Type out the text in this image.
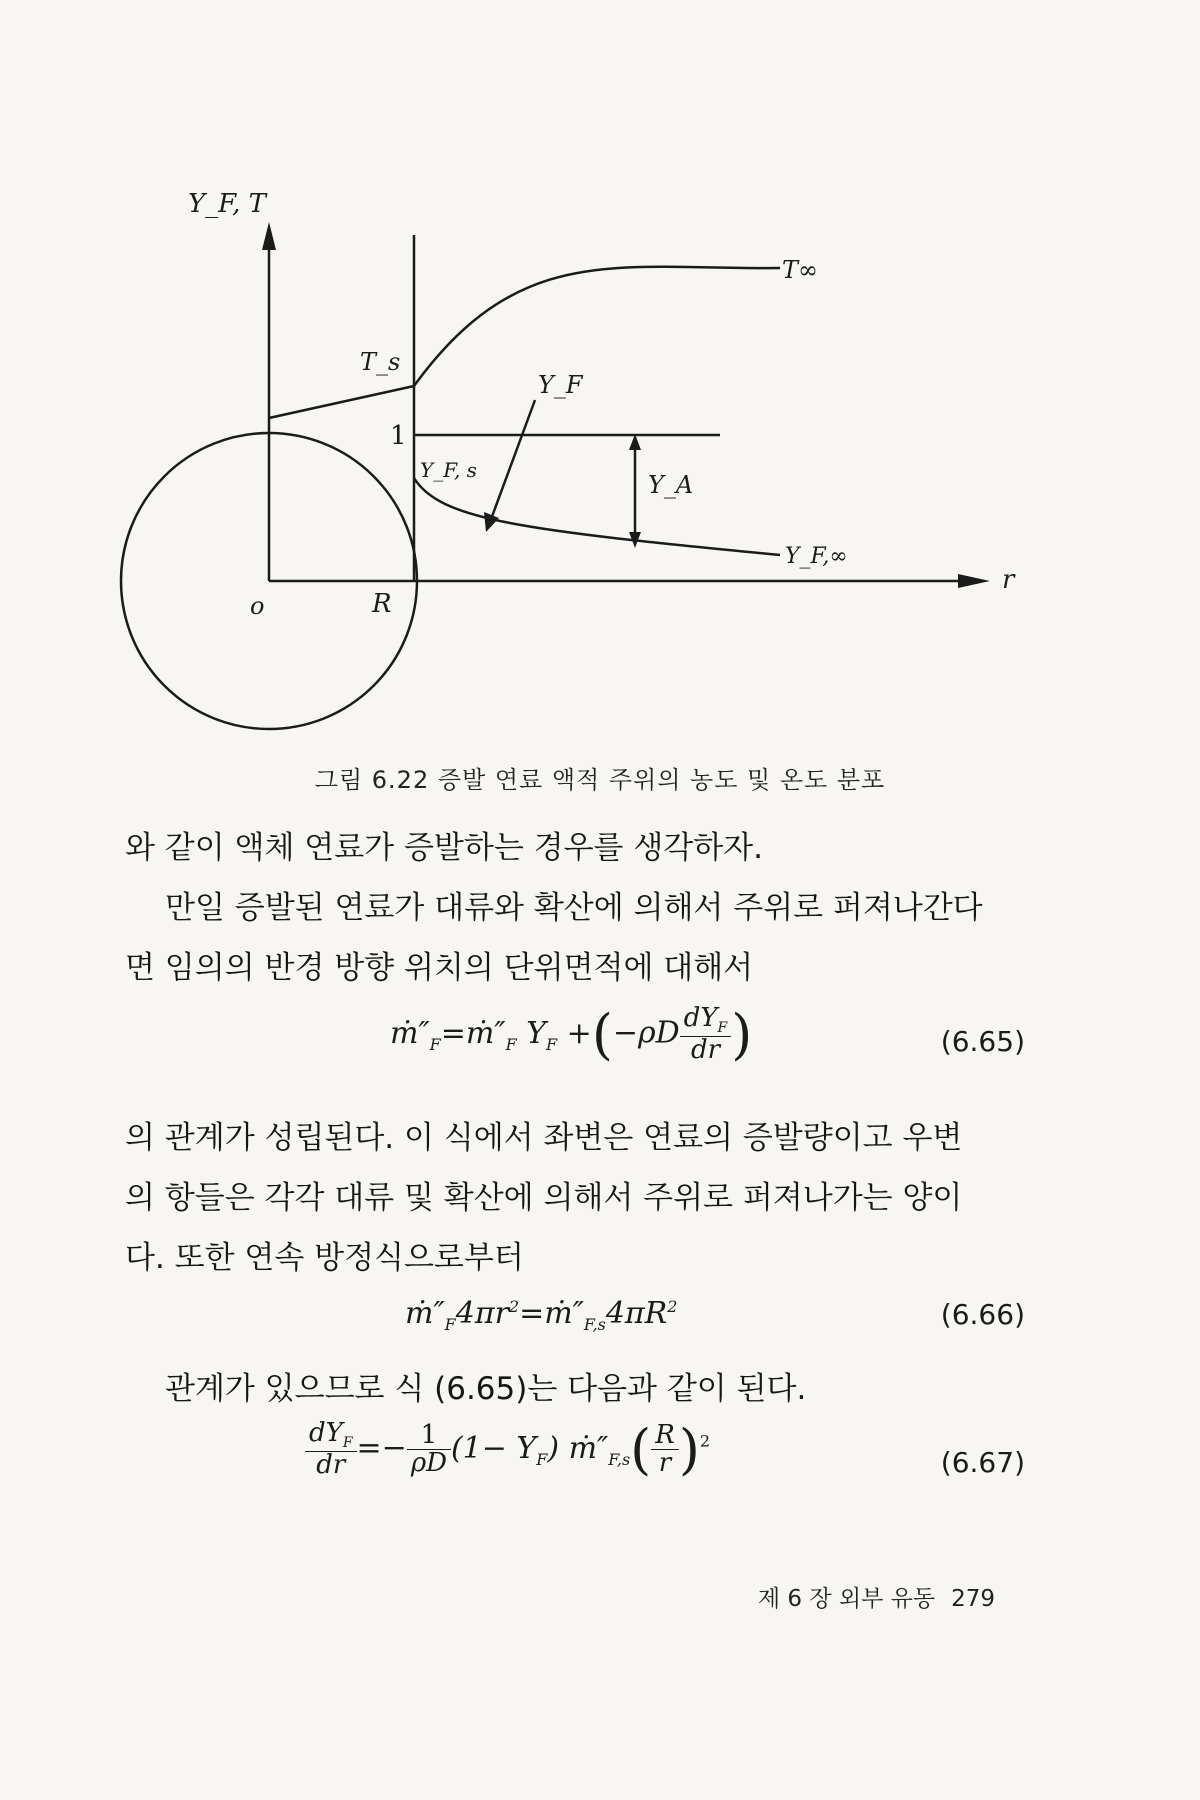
Y_F, T
T∞
T_s
Y_F
1
Y_F, s
Y_A
Y_F,∞
r
o	R
그림 6.22 증발 연료 액적 주위의 농도 및 온도 분포
와 같이 액체 연료가 증발하는 경우를 생각하자.
만일 증발된 연료가 대류와 확산에 의해서 주위로 퍼져나간다
면 임의의 반경 방향 위치의 단위면적에 대해서
$ṁ''_F=ṁ''_F$ $Y_F +(-\rho D \frac{dY_F}{dr}$ )	(6.65)
의 관계가 성립된다. 이 식에서 좌변은 연료의 증발량이고 우변
의 항들은 각각 대류 및 확산에 의해서 주위로 퍼져나가는 양이
다. 또한 연속 방정식으로부터
$ṁ''_F4\pi r^2=ṁ''_{F,s}4\pi R^2$	(6.66)
관계가 있으므로 식 (6.65)는 다음과 같이 된다.
$\frac{dY_F}{dr} =- \frac{1}{\rho D} (1- Y_F)$ $ṁ''_{F,s}( \frac{R}{r} )^2$
(6.67)
제 6 장 외부 유동 279
